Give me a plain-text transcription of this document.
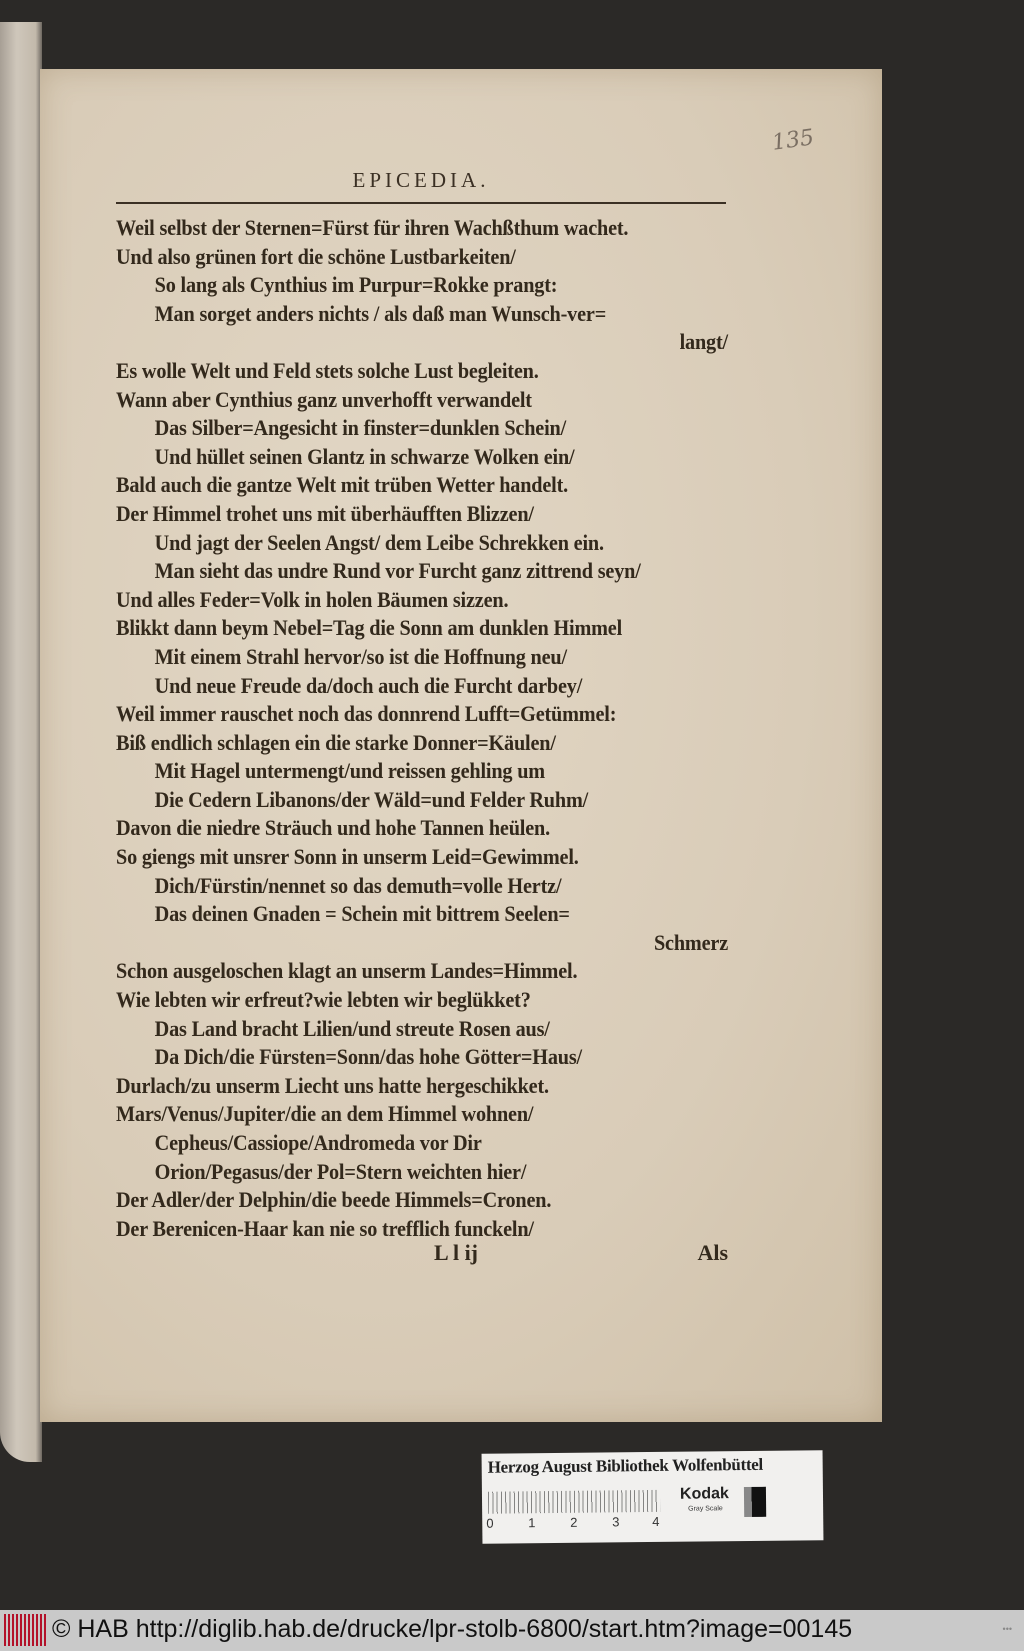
135
EPICEDIA.
Weil selbst der Sternen=Fürst für ihren Wachßthum wachet.
Und also grünen fort die schöne Lustbarkeiten/
So lang als Cynthius im Purpur=Rokke prangt:
Man sorget anders nichts / als daß man Wunsch-ver=
langt/
Es wolle Welt und Feld stets solche Lust begleiten.
Wann aber Cynthius ganz unverhofft verwandelt
Das Silber=Angesicht in finster=dunklen Schein/
Und hüllet seinen Glantz in schwarze Wolken ein/
Bald auch die gantze Welt mit trüben Wetter handelt.
Der Himmel trohet uns mit überhäufften Blizzen/
Und jagt der Seelen Angst/ dem Leibe Schrekken ein.
Man sieht das undre Rund vor Furcht ganz zittrend seyn/
Und alles Feder=Volk in holen Bäumen sizzen.
Blikkt dann beym Nebel=Tag die Sonn am dunklen Himmel
Mit einem Strahl hervor/so ist die Hoffnung neu/
Und neue Freude da/doch auch die Furcht darbey/
Weil immer rauschet noch das donnrend Lufft=Getümmel:
Biß endlich schlagen ein die starke Donner=Käulen/
Mit Hagel untermengt/und reissen gehling um
Die Cedern Libanons/der Wäld=und Felder Ruhm/
Davon die niedre Sträuch und hohe Tannen heülen.
So giengs mit unsrer Sonn in unserm Leid=Gewimmel.
Dich/Fürstin/nennet so das demuth=volle Hertz/
Das deinen Gnaden = Schein mit bittrem Seelen=
Schmerz
Schon ausgeloschen klagt an unserm Landes=Himmel.
Wie lebten wir erfreut?wie lebten wir beglükket?
Das Land bracht Lilien/und streute Rosen aus/
Da Dich/die Fürsten=Sonn/das hohe Götter=Haus/
Durlach/zu unserm Liecht uns hatte hergeschikket.
Mars/Venus/Jupiter/die an dem Himmel wohnen/
Cepheus/Cassiope/Andromeda vor Dir
Orion/Pegasus/der Pol=Stern weichten hier/
Der Adler/der Delphin/die beede Himmels=Cronen.
Der Berenicen-Haar kan nie so trefflich funckeln/
L l ij	Als
Herzog August Bibliothek Wolfenbüttel
0	1	2	3	4
Kodak
Gray Scale
© HAB http://diglib.hab.de/drucke/lpr-stolb-6800/start.htm?image=00145	•••
